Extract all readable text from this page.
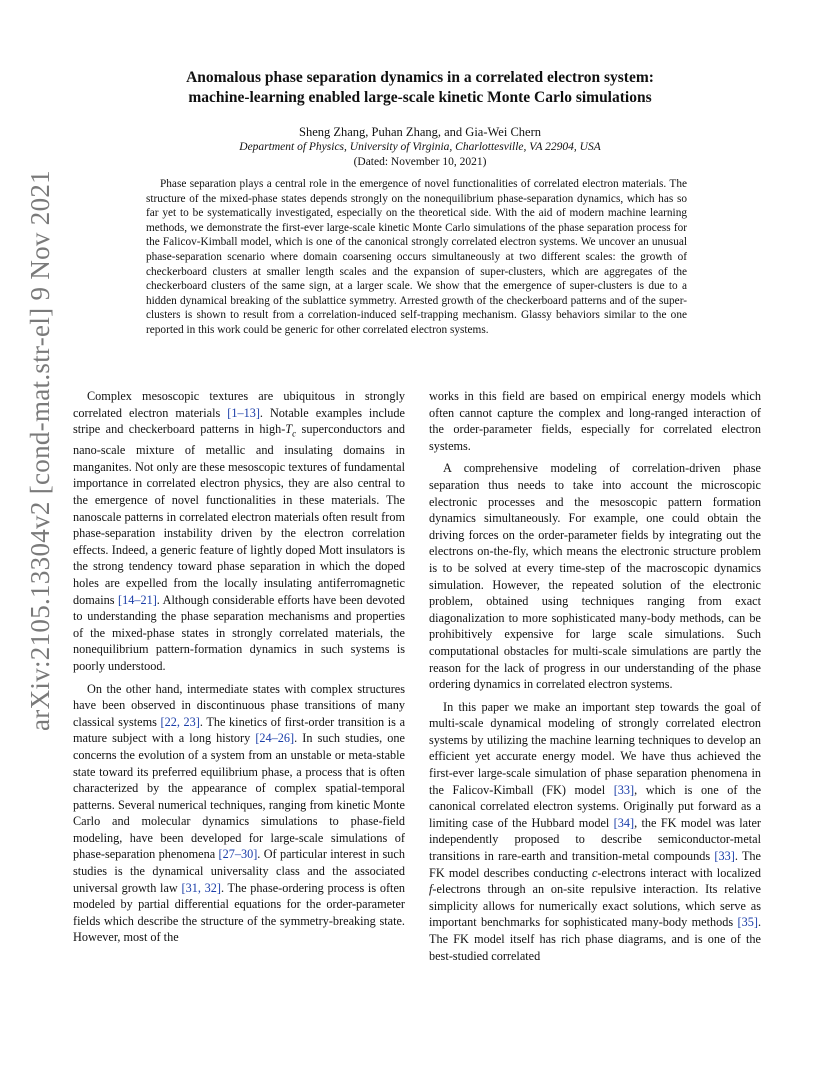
arXiv:2105.13304v2 [cond-mat.str-el] 9 Nov 2021
Anomalous phase separation dynamics in a correlated electron system:
machine-learning enabled large-scale kinetic Monte Carlo simulations
Sheng Zhang, Puhan Zhang, and Gia-Wei Chern
Department of Physics, University of Virginia, Charlottesville, VA 22904, USA
(Dated: November 10, 2021)

Phase separation plays a central role in the emergence of novel functionalities of correlated electron materials. The structure of the mixed-phase states depends strongly on the nonequilibrium phase-separation dynamics, which has so far yet to be systematically investigated, especially on the theoretical side. With the aid of modern machine learning methods, we demonstrate the first-ever large-scale kinetic Monte Carlo simulations of the phase separation process for the Falicov-Kimball model, which is one of the canonical strongly correlated electron systems. We uncover an unusual phase-separation scenario where domain coarsening occurs simultaneously at two different scales: the growth of checkerboard clusters at smaller length scales and the expansion of super-clusters, which are aggregates of the checkerboard clusters of the same sign, at a larger scale. We show that the emergence of super-clusters is due to a hidden dynamical breaking of the sublattice symmetry. Arrested growth of the checkerboard patterns and of the super-clusters is shown to result from a correlation-induced self-trapping mechanism. Glassy behaviors similar to the one reported in this work could be generic for other correlated electron systems.

Complex mesoscopic textures are ubiquitous in strongly correlated electron materials [1–13]. Notable examples include stripe and checkerboard patterns in high-$T_c$ superconductors and nano-scale mixture of metallic and insulating domains in manganites. Not only are these mesoscopic textures of fundamental importance in correlated electron physics, they are also central to the emergence of novel functionalities in these materials. The nanoscale patterns in correlated electron materials often result from phase-separation instability driven by the electron correlation effects. Indeed, a generic feature of lightly doped Mott insulators is the strong tendency toward phase separation in which the doped holes are expelled from the locally insulating antiferromagnetic domains [14–21]. Although considerable efforts have been devoted to understanding the phase separation mechanisms and properties of the mixed-phase states in strongly correlated materials, the nonequilibrium pattern-formation dynamics in such systems is poorly understood.

On the other hand, intermediate states with complex structures have been observed in discontinuous phase transitions of many classical systems [22, 23]. The kinetics of first-order transition is a mature subject with a long history [24–26]. In such studies, one concerns the evolution of a system from an unstable or meta-stable state toward its preferred equilibrium phase, a process that is often characterized by the appearance of complex spatial-temporal patterns. Several numerical techniques, ranging from kinetic Monte Carlo and molecular dynamics simulations to phase-field modeling, have been developed for large-scale simulations of phase-separation phenomena [27–30]. Of particular interest in such studies is the dynamical universality class and the associated universal growth law [31, 32]. The phase-ordering process is often modeled by partial differential equations for the order-parameter fields which describe the structure of the symmetry-breaking state. However, most of the

works in this field are based on empirical energy models which often cannot capture the complex and long-ranged interaction of the order-parameter fields, especially for correlated electron systems.

A comprehensive modeling of correlation-driven phase separation thus needs to take into account the microscopic electronic processes and the mesoscopic pattern formation dynamics simultaneously. For example, one could obtain the driving forces on the order-parameter fields by integrating out the electrons on-the-fly, which means the electronic structure problem is to be solved at every time-step of the macroscopic dynamics simulation. However, the repeated solution of the electronic problem, obtained using techniques ranging from exact diagonalization to more sophisticated many-body methods, can be prohibitively expensive for large scale simulations. Such computational obstacles for multi-scale simulations are partly the reason for the lack of progress in our understanding of the phase ordering dynamics in correlated electron systems.

In this paper we make an important step towards the goal of multi-scale dynamical modeling of strongly correlated electron systems by utilizing the machine learning techniques to develop an efficient yet accurate energy model. We have thus achieved the first-ever large-scale simulation of phase separation phenomena in the Falicov-Kimball (FK) model [33], which is one of the canonical correlated electron systems. Originally put forward as a limiting case of the Hubbard model [34], the FK model was later independently proposed to describe semiconductor-metal transitions in rare-earth and transition-metal compounds [33]. The FK model describes conducting c-electrons interact with localized f-electrons through an on-site repulsive interaction. Its relative simplicity allows for numerically exact solutions, which serve as important benchmarks for sophisticated many-body methods [35]. The FK model itself has rich phase diagrams, and is one of the best-studied correlated
